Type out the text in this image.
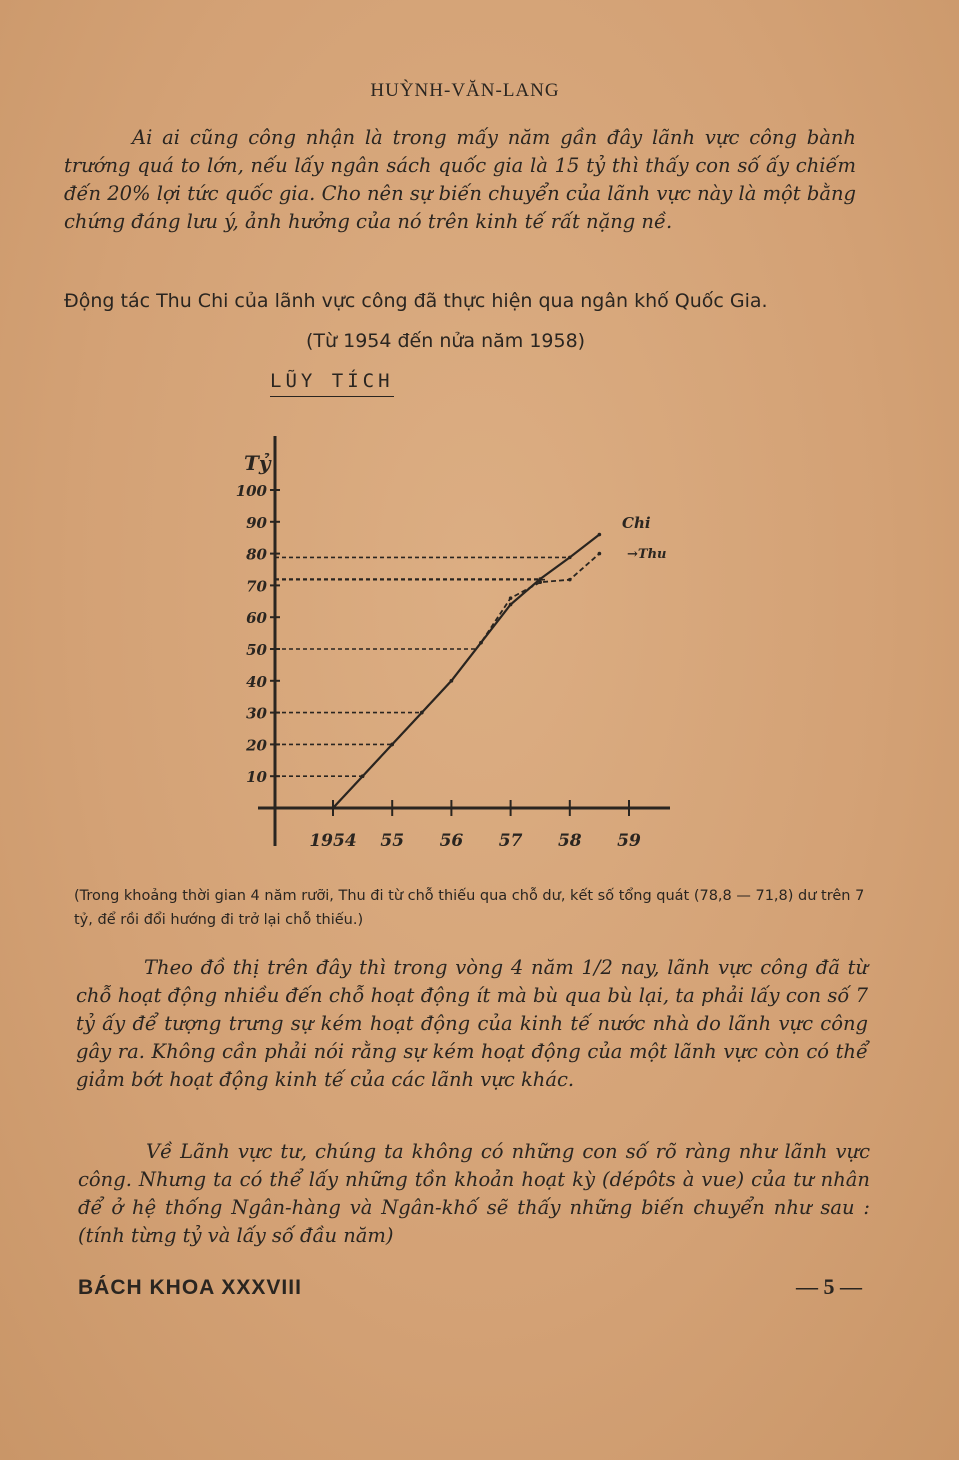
HUỲNH-VĂN-LANG

Ai ai cũng công nhận là trong mấy năm gần đây lãnh vực công bành trướng quá to lớn, nếu lấy ngân sách quốc gia là 15 tỷ thì thấy con số ấy chiếm đến 20% lợi tức quốc gia. Cho nên sự biến chuyển của lãnh vực này là một bằng chứng đáng lưu ý, ảnh hưởng của nó trên kinh tế rất nặng nề.

Động tác Thu Chi của lãnh vực công đã thực hiện qua ngân khố Quốc Gia.
(Từ 1954 đến nửa năm 1958)
LŨY TÍCH
Chi
→Thu
Tỷ
10
20
30
40
50
60
70
80
90
100
1954 55 56 57 58 59
(Trong khoảng thời gian 4 năm rưỡi, Thu đi từ chỗ thiếu qua chỗ dư, kết số tổng quát (78,8 — 71,8) dư trên 7 tỷ, để rồi đổi hướng đi trở lại chỗ thiếu.)

Theo đồ thị trên đây thì trong vòng 4 năm 1/2 nay, lãnh vực công đã từ chỗ hoạt động nhiều đến chỗ hoạt động ít mà bù qua bù lại, ta phải lấy con số 7 tỷ ấy để tượng trưng sự kém hoạt động của kinh tế nước nhà do lãnh vực công gây ra. Không cần phải nói rằng sự kém hoạt động của một lãnh vực còn có thể giảm bớt hoạt động kinh tế của các lãnh vực khác.

Về Lãnh vực tư, chúng ta không có những con số rõ ràng như lãnh vực công. Nhưng ta có thể lấy những tồn khoản hoạt kỳ (dépôts à vue) của tư nhân để ở hệ thống Ngân-hàng và Ngân-khố sẽ thấy những biến chuyển như sau : (tính từng tỷ và lấy số đầu năm)

BÁCH KHOA XXXVIII	— 5 —
